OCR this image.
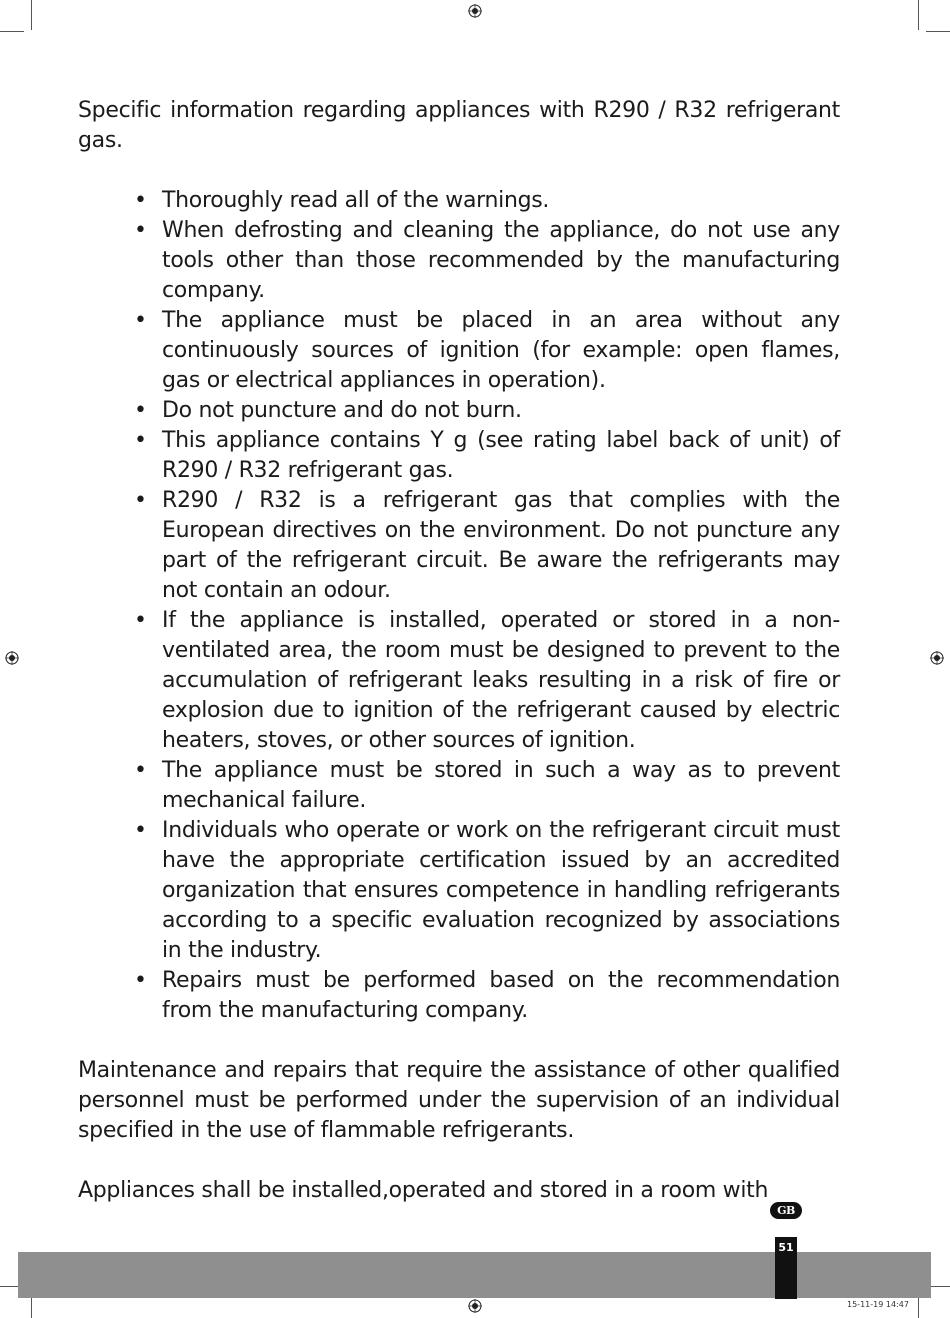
Specific information regarding appliances with R290 / R32 refrigerant gas.

• Thoroughly read all of the warnings.
• When defrosting and cleaning the appliance, do not use any tools other than those recommended by the manufacturing company.
• The appliance must be placed in an area without any continuously sources of ignition (for example: open flames, gas or electrical appliances in operation).
• Do not puncture and do not burn.
• This appliance contains Y g (see rating label back of unit) of R290 / R32 refrigerant gas.
• R290 / R32 is a refrigerant gas that complies with the European directives on the environment. Do not puncture any part of the refrigerant circuit. Be aware the refrigerants may not contain an odour.
• If the appliance is installed, operated or stored in a non-ventilated area, the room must be designed to prevent to the accumulation of refrigerant leaks resulting in a risk of fire or explosion due to ignition of the refrigerant caused by electric heaters, stoves, or other sources of ignition.
• The appliance must be stored in such a way as to prevent mechanical failure.
• Individuals who operate or work on the refrigerant circuit must have the appropriate certification issued by an accredited organization that ensures competence in handling refrigerants according to a specific evaluation recognized by associations in the industry.
• Repairs must be performed based on the recommendation from the manufacturing company.

Maintenance and repairs that require the assistance of other qualified personnel must be performed under the supervision of an individual specified in the use of flammable refrigerants.

Appliances shall be installed,operated and stored in a room with

GB
51
15-11-19 14:47
